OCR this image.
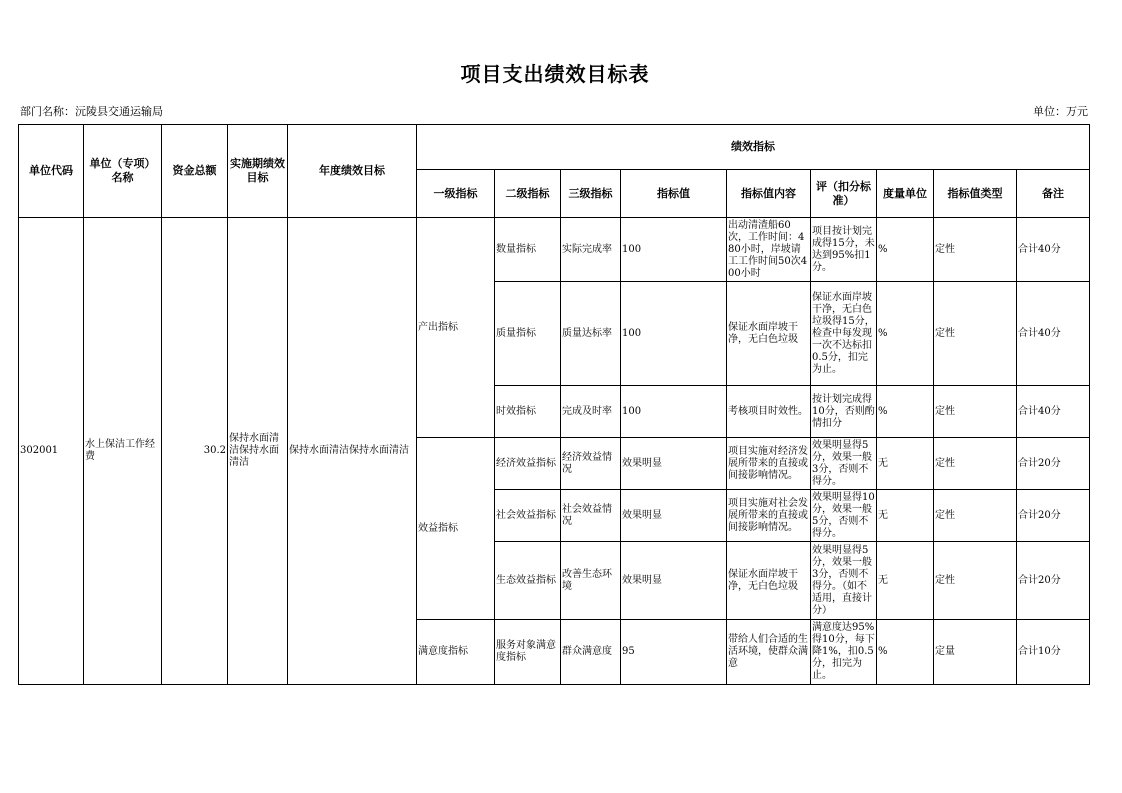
项目支出绩效目标表
部门名称：沅陵县交通运输局	单位：万元
单位代码	单位（专项）名称	资金总额	实施期绩效目标	年度绩效目标	绩效指标								
					一级指标	二级指标	三级指标	指标值	指标值内容	评（扣分标准）	度量单位	指标值类型	备注
302001	水上保洁工作经费	30.2	保持水面清洁保持水面清洁	保持水面清洁保持水面清洁	产出指标	数量指标	实际完成率	100	出动清渣船60次，工作时间：480小时，岸坡请工工作时间50次400小时	项目按计划完成得15分，未达到95%扣1分。	%	定性	合计40分
						质量指标	质量达标率	100	保证水面岸坡干净，无白色垃圾	保证水面岸坡干净，无白色垃圾得15分，检查中每发现一次不达标扣0.5分，扣完为止。	%	定性	合计40分
						时效指标	完成及时率	100	考核项目时效性。	按计划完成得10分，否则酌情扣分	%	定性	合计40分
					效益指标	经济效益指标	经济效益情况	效果明显	项目实施对经济发展所带来的直接或间接影响情况。	效果明显得5分，效果一般3分，否则不得分。	无	定性	合计20分
						社会效益指标	社会效益情况	效果明显	项目实施对社会发展所带来的直接或间接影响情况。	效果明显得10分，效果一般5分，否则不得分。	无	定性	合计20分
						生态效益指标	改善生态环境	效果明显	保证水面岸坡干净，无白色垃圾	效果明显得5分，效果一般3分，否则不得分。（如不适用，直接计分）	无	定性	合计20分
					满意度指标	服务对象满意度指标	群众满意度	95	带给人们合适的生活环境，使群众满意	满意度达95%得10分，每下降1%，扣0.5分，扣完为止。	%	定量	合计10分
